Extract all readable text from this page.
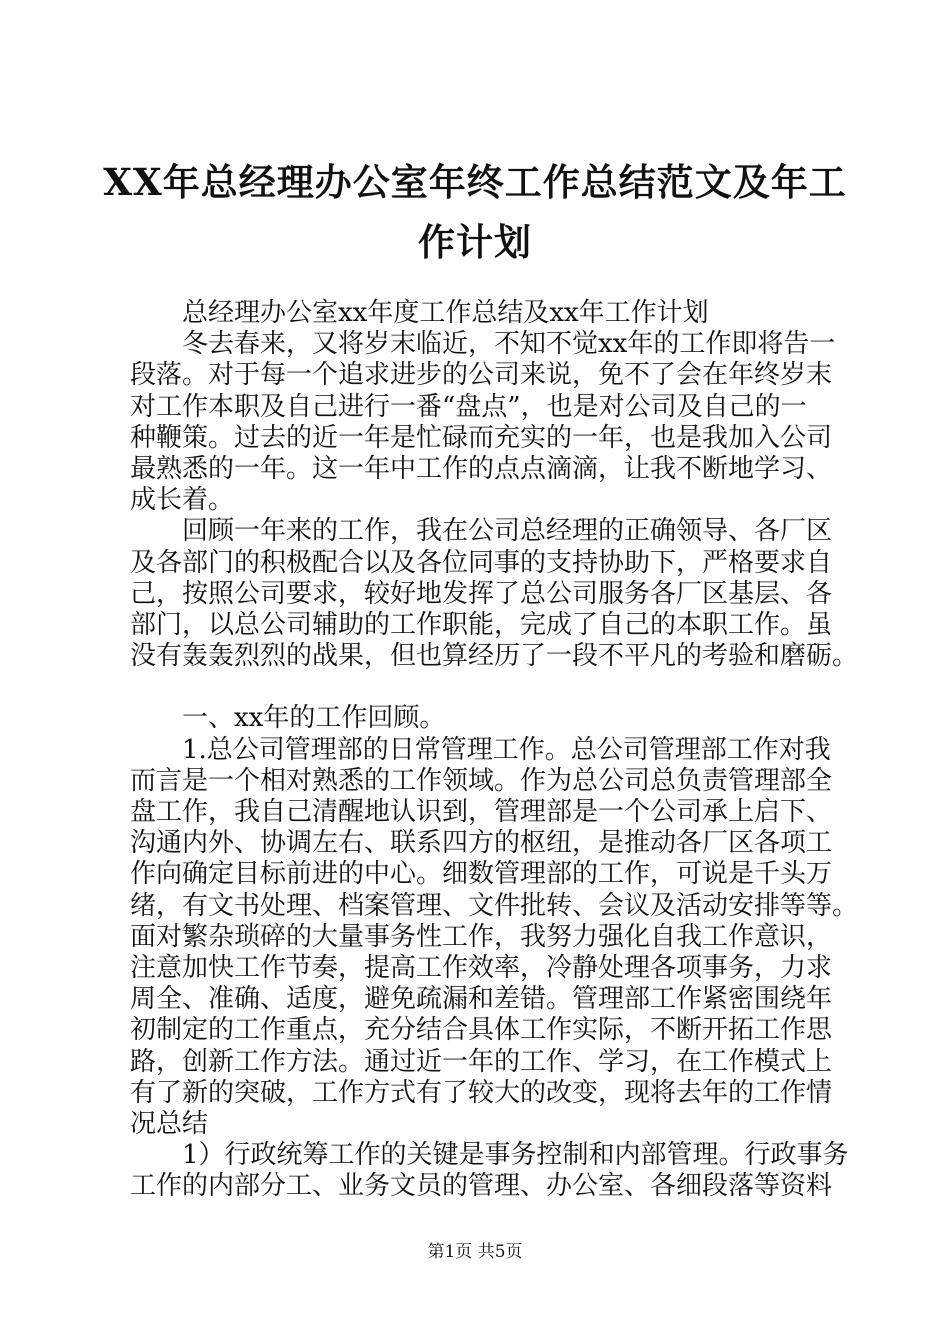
XX年总经理办公室年终工作总结范文及年工
作计划
总经理办公室xx年度工作总结及xx年工作计划
冬去春来，又将岁末临近，不知不觉xx年的工作即将告一
段落。对于每一个追求进步的公司来说，免不了会在年终岁末
对工作本职及自己进行一番“盘点”，也是对公司及自己的一
种鞭策。过去的近一年是忙碌而充实的一年，也是我加入公司
最熟悉的一年。这一年中工作的点点滴滴，让我不断地学习、
成长着。
回顾一年来的工作，我在公司总经理的正确领导、各厂区
及各部门的积极配合以及各位同事的支持协助下，严格要求自
己，按照公司要求，较好地发挥了总公司服务各厂区基层、各
部门，以总公司辅助的工作职能，完成了自己的本职工作。虽
没有轰轰烈烈的战果，但也算经历了一段不平凡的考验和磨砺。
一、xx年的工作回顾。
1.总公司管理部的日常管理工作。总公司管理部工作对我
而言是一个相对熟悉的工作领域。作为总公司总负责管理部全
盘工作，我自己清醒地认识到，管理部是一个公司承上启下、
沟通内外、协调左右、联系四方的枢纽，是推动各厂区各项工
作向确定目标前进的中心。细数管理部的工作，可说是千头万
绪，有文书处理、档案管理、文件批转、会议及活动安排等等。
面对繁杂琐碎的大量事务性工作，我努力强化自我工作意识，
注意加快工作节奏，提高工作效率，冷静处理各项事务，力求
周全、准确、适度，避免疏漏和差错。管理部工作紧密围绕年
初制定的工作重点，充分结合具体工作实际，不断开拓工作思
路，创新工作方法。通过近一年的工作、学习，在工作模式上
有了新的突破，工作方式有了较大的改变，现将去年的工作情
况总结
1）行政统筹工作的关键是事务控制和内部管理。行政事务
工作的内部分工、业务文员的管理、办公室、各细段落等资料
第1页 共5页
